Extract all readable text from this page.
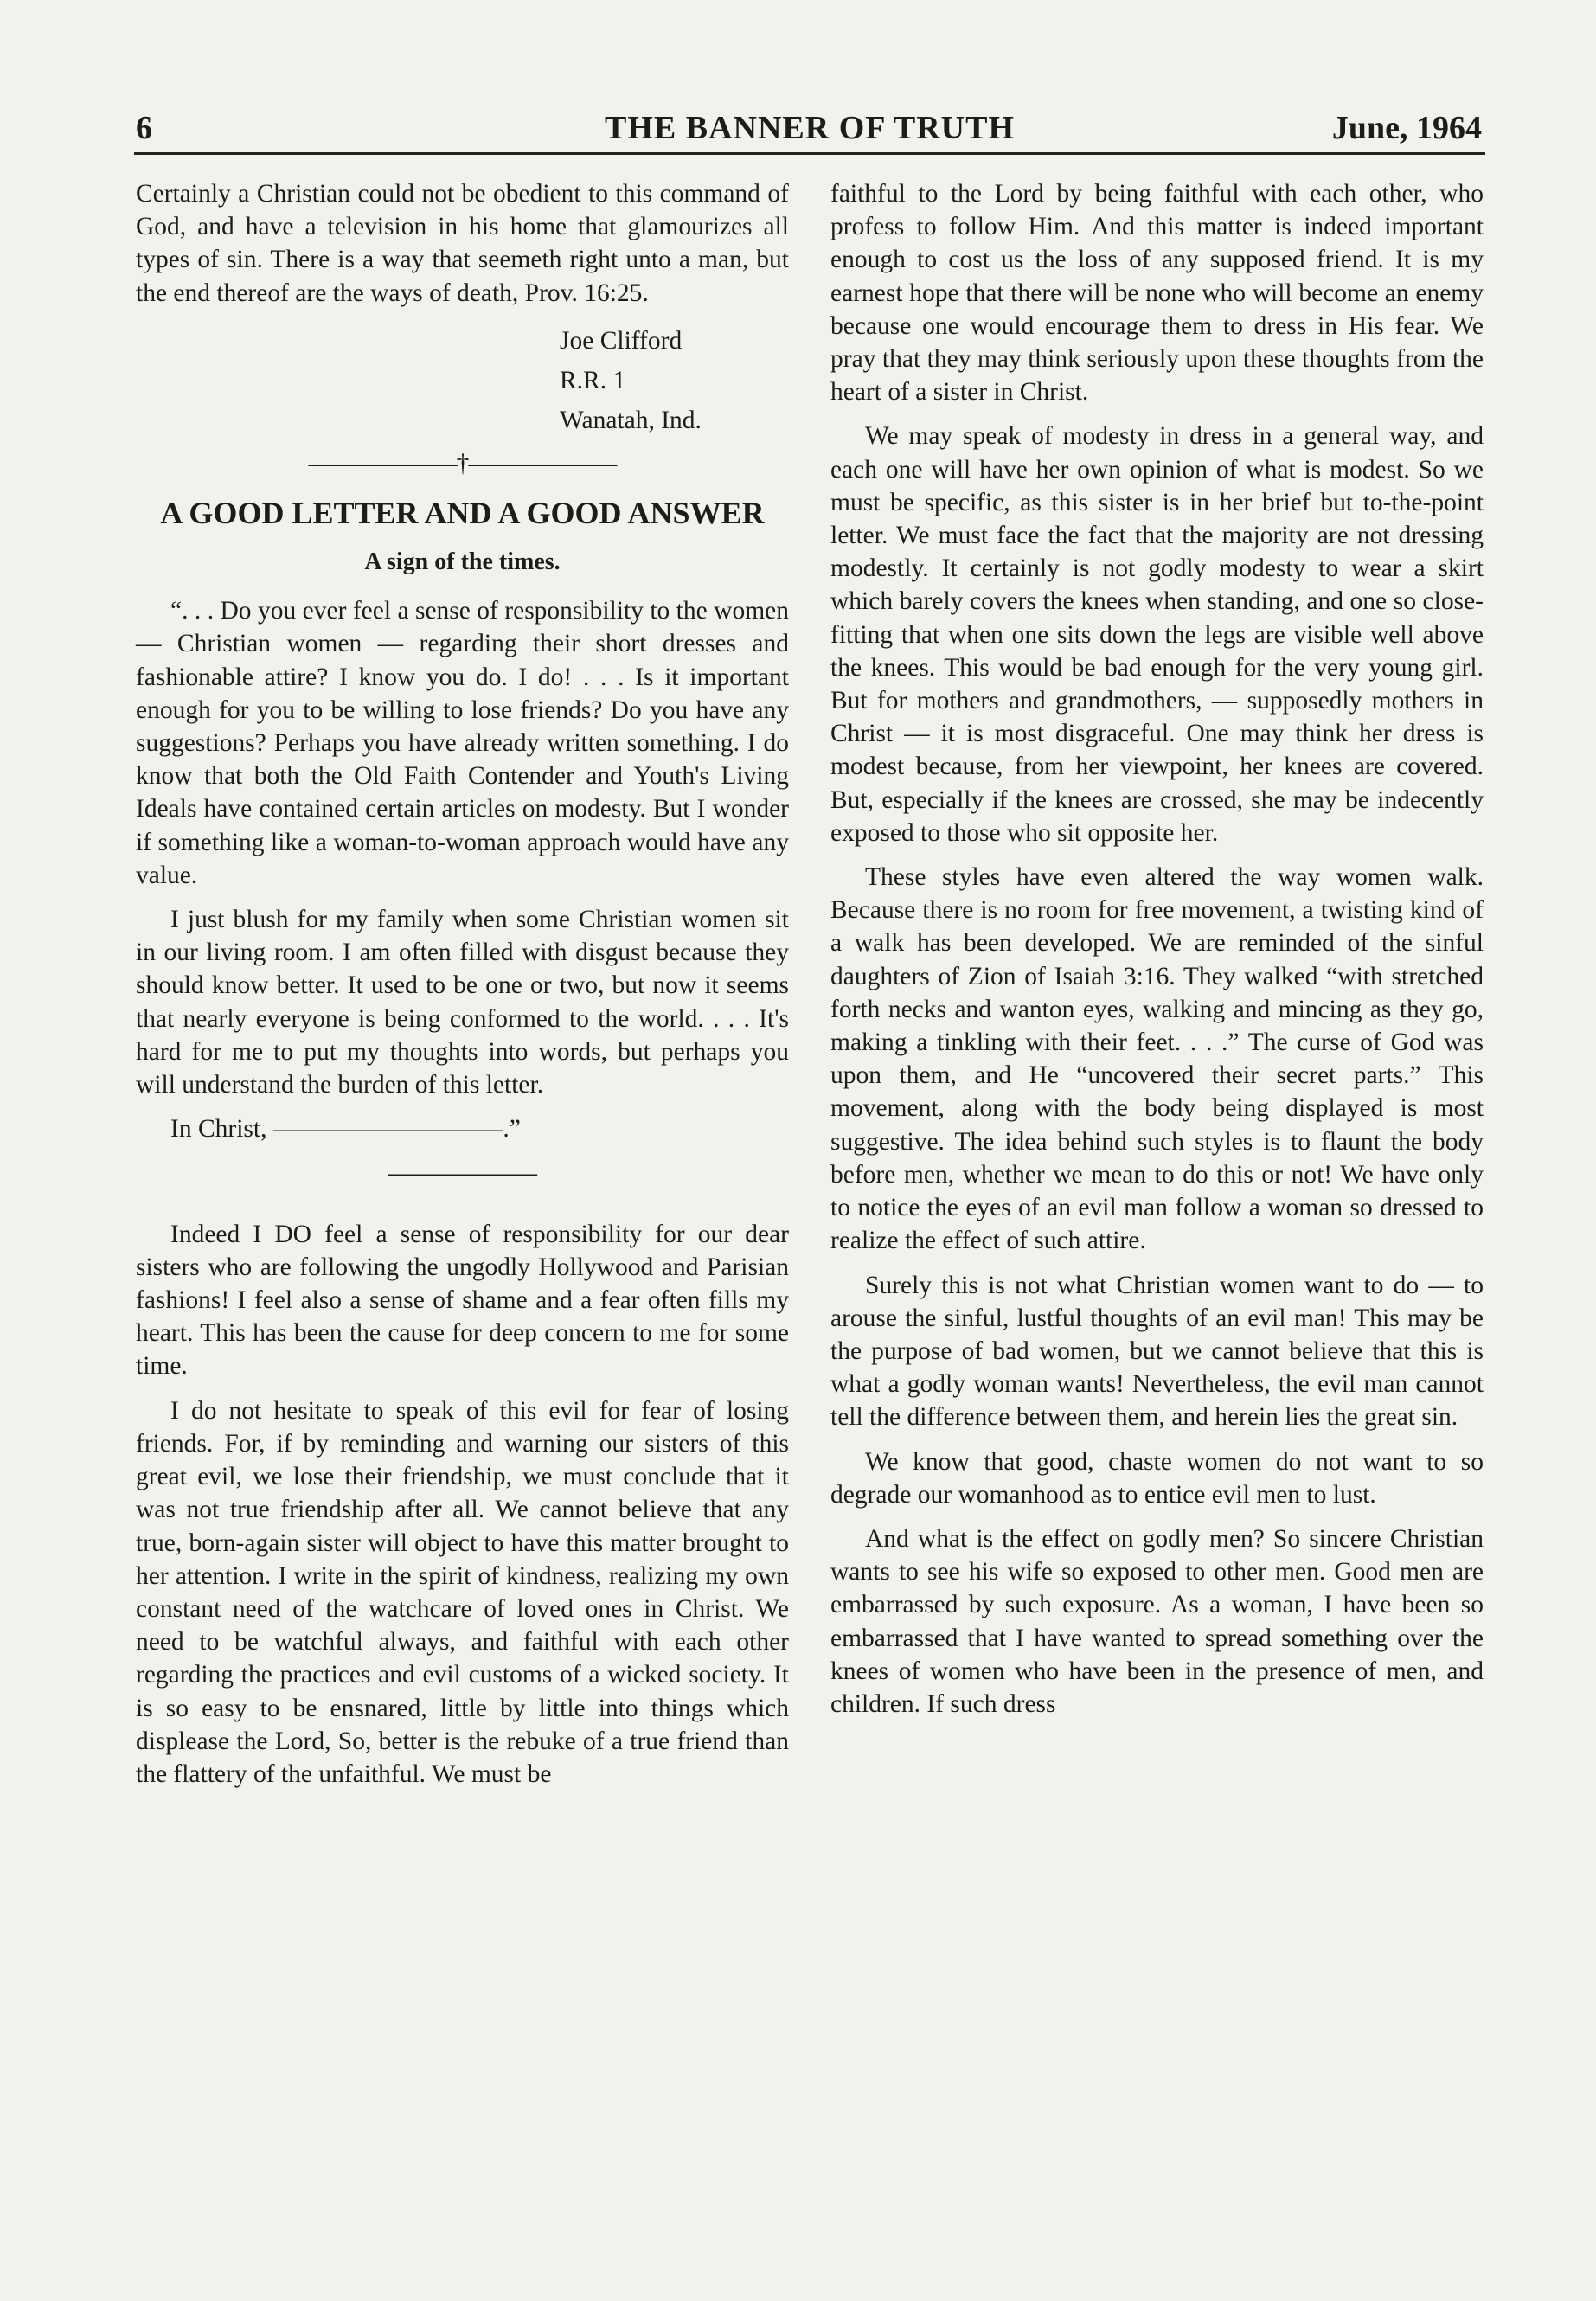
THE BANNER OF TRUTH
6	June, 1964

Certainly a Christian could not be obedient to this command of God, and have a television in his home that glamourizes all types of sin. There is a way that seemeth right unto a man, but the end thereof are the ways of death, Prov. 16:25.

Joe Clifford
R.R. 1
Wanatah, Ind.
——————†——————
A GOOD LETTER AND A GOOD ANSWER
A sign of the times.

“. . . Do you ever feel a sense of responsibility to the women — Christian women — regarding their short dresses and fashionable attire? I know you do. I do! . . . Is it important enough for you to be willing to lose friends? Do you have any suggestions? Perhaps you have already written something. I do know that both the Old Faith Contender and Youth's Living Ideals have contained certain articles on modesty. But I wonder if something like a woman-to-woman approach would have any value.

I just blush for my family when some Christian women sit in our living room. I am often filled with disgust because they should know better. It used to be one or two, but now it seems that nearly everyone is being conformed to the world. . . . It's hard for me to put my thoughts into words, but perhaps you will understand the burden of this letter.

In Christ, —————————.”

——————

Indeed I DO feel a sense of responsibility for our dear sisters who are following the ungodly Hollywood and Parisian fashions! I feel also a sense of shame and a fear often fills my heart. This has been the cause for deep concern to me for some time.

I do not hesitate to speak of this evil for fear of losing friends. For, if by reminding and warning our sisters of this great evil, we lose their friendship, we must conclude that it was not true friendship after all. We cannot believe that any true, born-again sister will object to have this matter brought to her attention. I write in the spirit of kindness, realizing my own constant need of the watchcare of loved ones in Christ. We need to be watchful always, and faithful with each other regarding the practices and evil customs of a wicked society. It is so easy to be ensnared, little by little into things which displease the Lord, So, better is the rebuke of a true friend than the flattery of the unfaithful. We must be

faithful to the Lord by being faithful with each other, who profess to follow Him. And this matter is indeed important enough to cost us the loss of any supposed friend. It is my earnest hope that there will be none who will become an enemy because one would encourage them to dress in His fear. We pray that they may think seriously upon these thoughts from the heart of a sister in Christ.

We may speak of modesty in dress in a general way, and each one will have her own opinion of what is modest. So we must be specific, as this sister is in her brief but to-the-point letter. We must face the fact that the majority are not dressing modestly. It certainly is not godly modesty to wear a skirt which barely covers the knees when standing, and one so close-fitting that when one sits down the legs are visible well above the knees. This would be bad enough for the very young girl. But for mothers and grandmothers, — supposedly mothers in Christ — it is most disgraceful. One may think her dress is modest because, from her viewpoint, her knees are covered. But, especially if the knees are crossed, she may be indecently exposed to those who sit opposite her.

These styles have even altered the way women walk. Because there is no room for free movement, a twisting kind of a walk has been developed. We are reminded of the sinful daughters of Zion of Isaiah 3:16. They walked “with stretched forth necks and wanton eyes, walking and mincing as they go, making a tinkling with their feet. . . .” The curse of God was upon them, and He “uncovered their secret parts.” This movement, along with the body being displayed is most suggestive. The idea behind such styles is to flaunt the body before men, whether we mean to do this or not! We have only to notice the eyes of an evil man follow a woman so dressed to realize the effect of such attire.

Surely this is not what Christian women want to do — to arouse the sinful, lustful thoughts of an evil man! This may be the purpose of bad women, but we cannot believe that this is what a godly woman wants! Nevertheless, the evil man cannot tell the difference between them, and herein lies the great sin.

We know that good, chaste women do not want to so degrade our womanhood as to entice evil men to lust.

And what is the effect on godly men? So sincere Christian wants to see his wife so exposed to other men. Good men are embarrassed by such exposure. As a woman, I have been so embarrassed that I have wanted to spread something over the knees of women who have been in the presence of men, and children. If such dress
